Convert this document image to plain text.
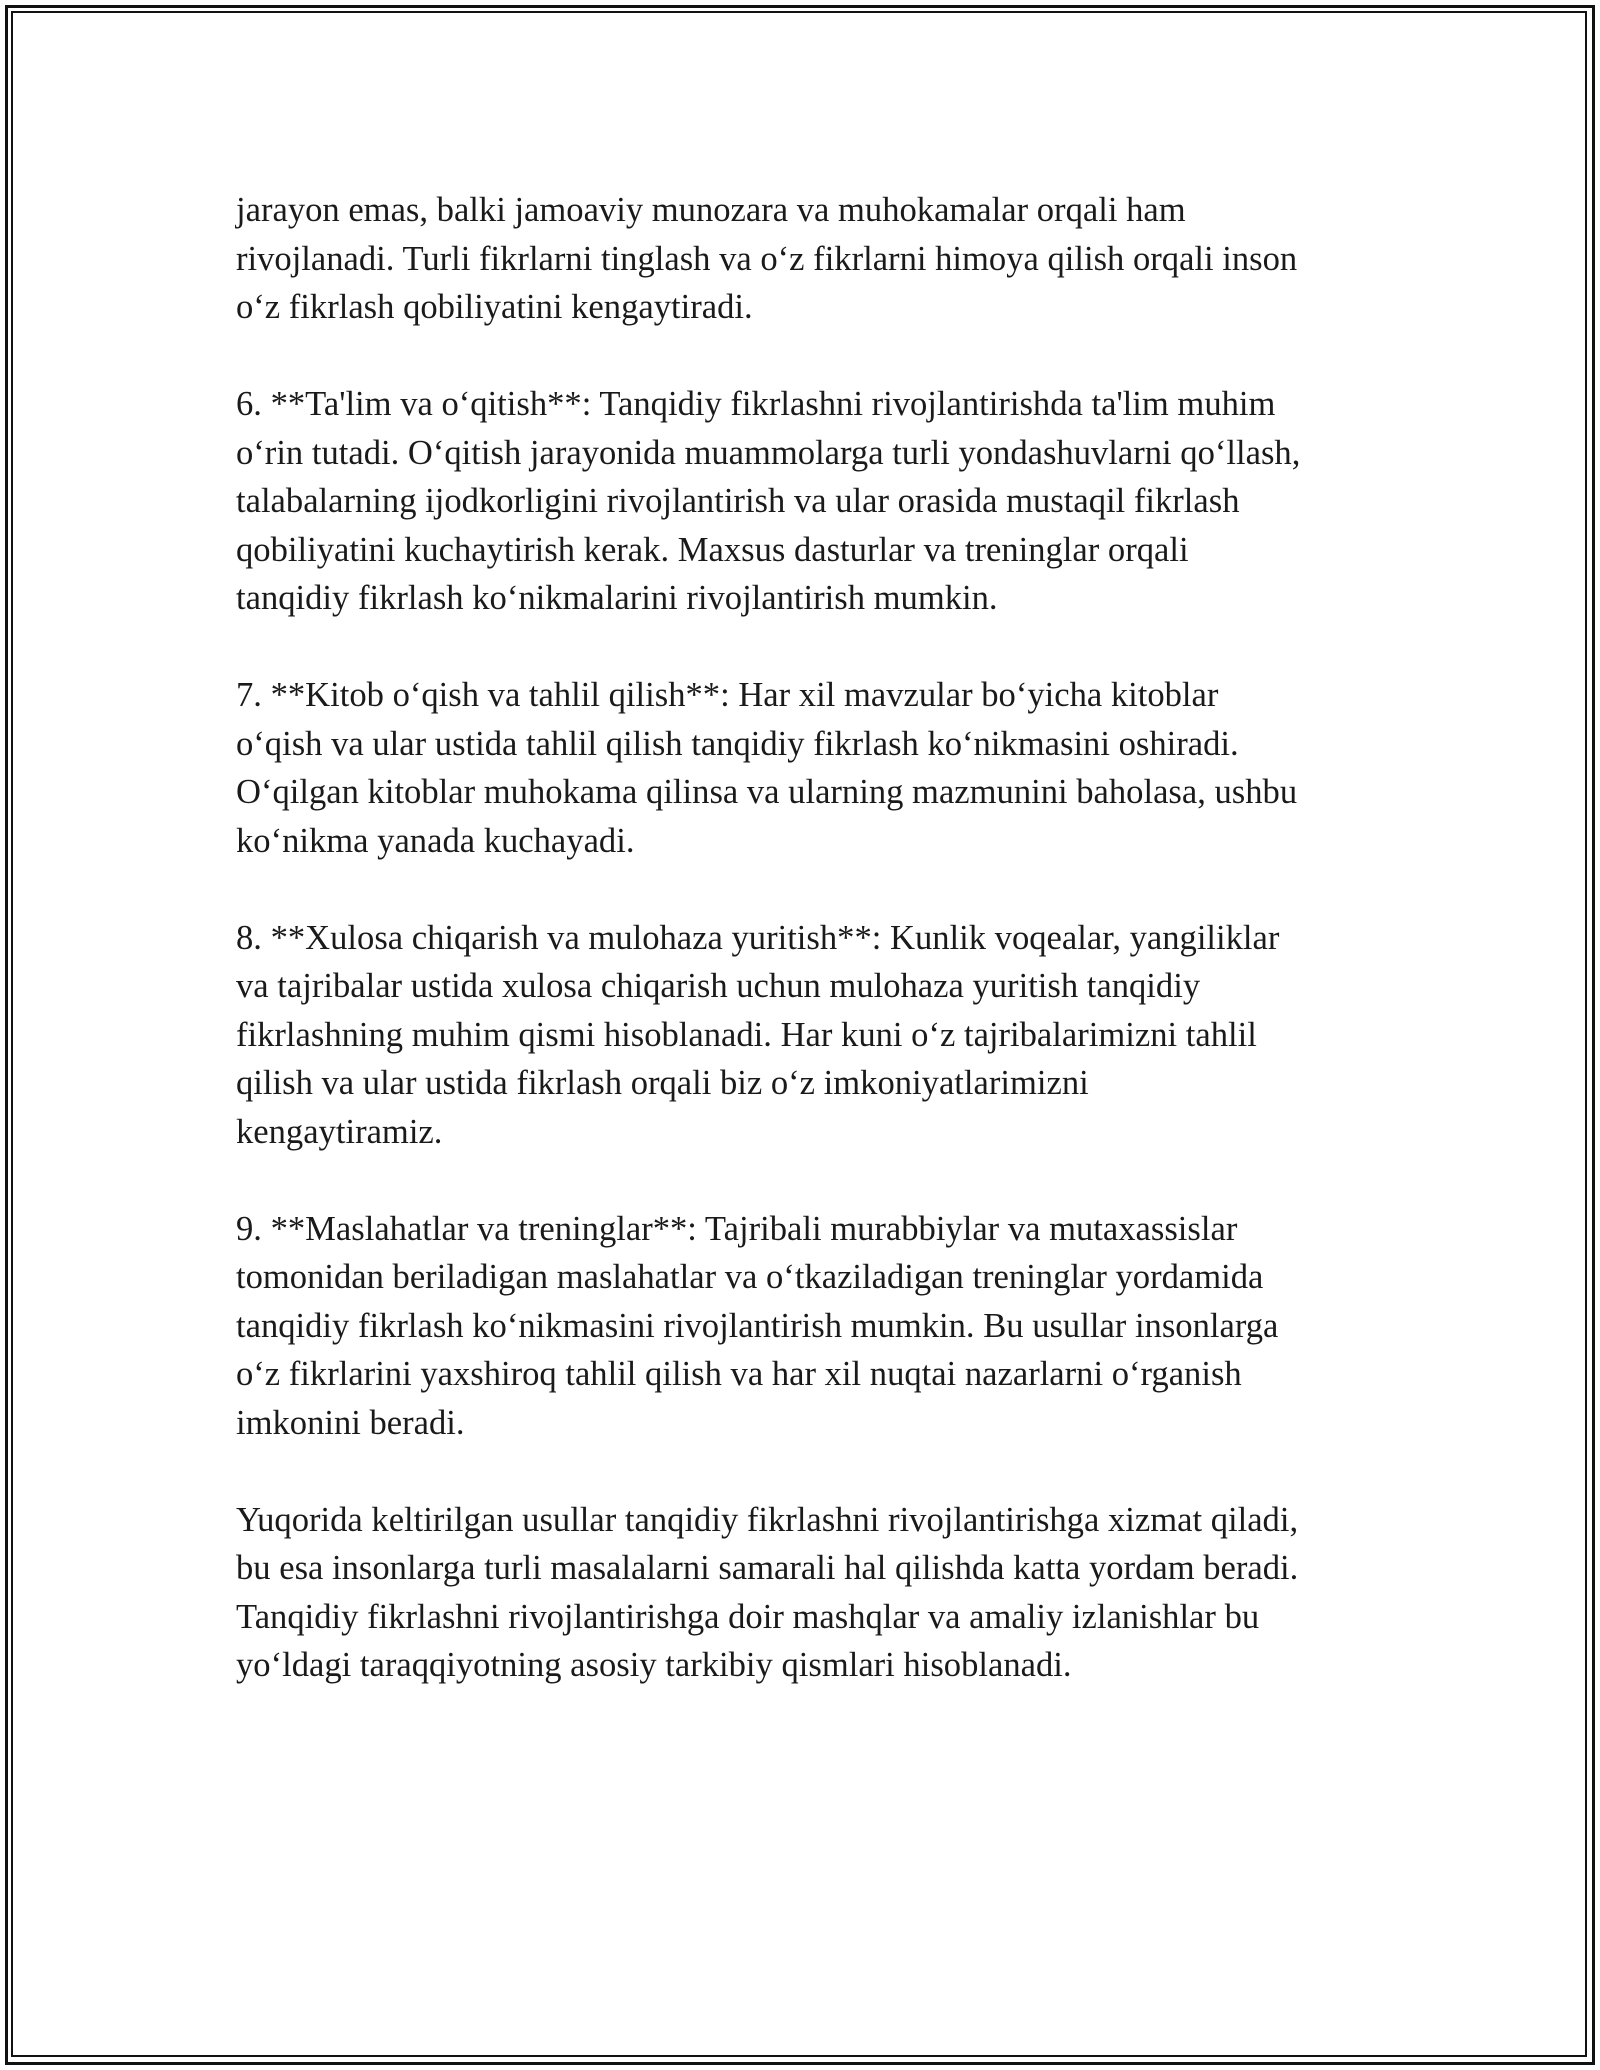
jarayon emas, balki jamoaviy munozara va muhokamalar orqali ham
rivojlanadi. Turli fikrlarni tinglash va o‘z fikrlarni himoya qilish orqali inson
o‘z fikrlash qobiliyatini kengaytiradi.

6. **Ta'lim va o‘qitish**: Tanqidiy fikrlashni rivojlantirishda ta'lim muhim
o‘rin tutadi. O‘qitish jarayonida muammolarga turli yondashuvlarni qo‘llash,
talabalarning ijodkorligini rivojlantirish va ular orasida mustaqil fikrlash
qobiliyatini kuchaytirish kerak. Maxsus dasturlar va treninglar orqali
tanqidiy fikrlash ko‘nikmalarini rivojlantirish mumkin.

7. **Kitob o‘qish va tahlil qilish**: Har xil mavzular bo‘yicha kitoblar
o‘qish va ular ustida tahlil qilish tanqidiy fikrlash ko‘nikmasini oshiradi.
O‘qilgan kitoblar muhokama qilinsa va ularning mazmunini baholasa, ushbu
ko‘nikma yanada kuchayadi.

8. **Xulosa chiqarish va mulohaza yuritish**: Kunlik voqealar, yangiliklar
va tajribalar ustida xulosa chiqarish uchun mulohaza yuritish tanqidiy
fikrlashning muhim qismi hisoblanadi. Har kuni o‘z tajribalarimizni tahlil
qilish va ular ustida fikrlash orqali biz o‘z imkoniyatlarimizni
kengaytiramiz.

9. **Maslahatlar va treninglar**: Tajribali murabbiylar va mutaxassislar
tomonidan beriladigan maslahatlar va o‘tkaziladigan treninglar yordamida
tanqidiy fikrlash ko‘nikmasini rivojlantirish mumkin. Bu usullar insonlarga
o‘z fikrlarini yaxshiroq tahlil qilish va har xil nuqtai nazarlarni o‘rganish
imkonini beradi.

Yuqorida keltirilgan usullar tanqidiy fikrlashni rivojlantirishga xizmat qiladi,
bu esa insonlarga turli masalalarni samarali hal qilishda katta yordam beradi.
Tanqidiy fikrlashni rivojlantirishga doir mashqlar va amaliy izlanishlar bu
yo‘ldagi taraqqiyotning asosiy tarkibiy qismlari hisoblanadi.
